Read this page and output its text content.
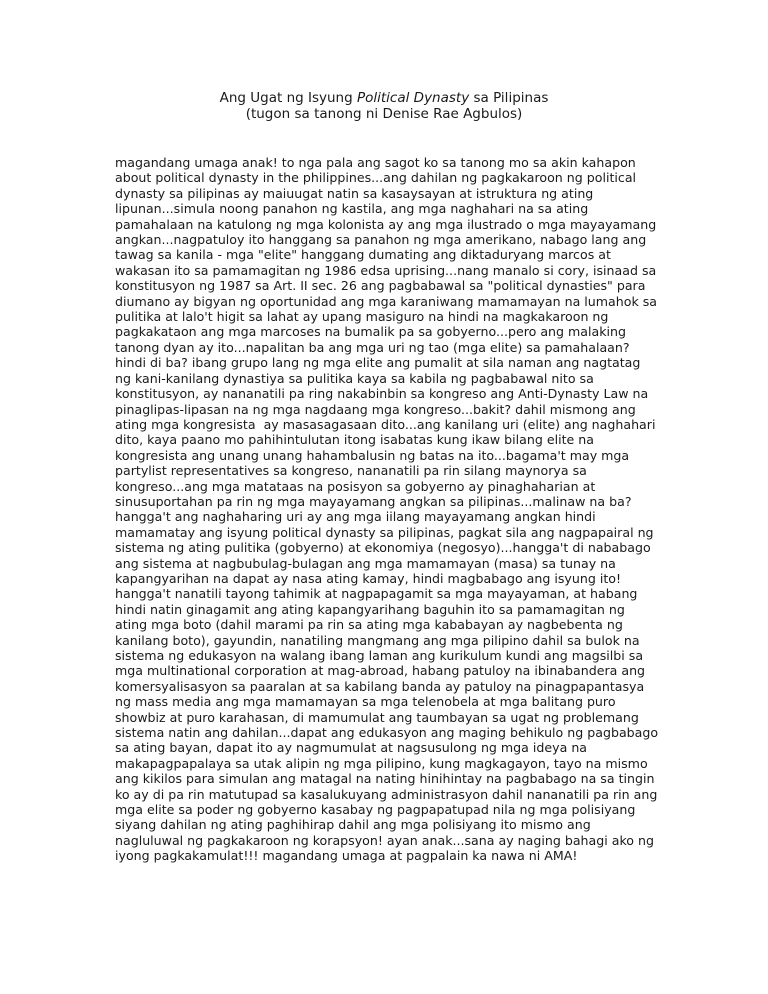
Ang Ugat ng Isyung Political Dynasty sa Pilipinas
(tugon sa tanong ni Denise Rae Agbulos)
magandang umaga anak! to nga pala ang sagot ko sa tanong mo sa akin kahapon
about political dynasty in the philippines...ang dahilan ng pagkakaroon ng political
dynasty sa pilipinas ay maiuugat natin sa kasaysayan at istruktura ng ating
lipunan...simula noong panahon ng kastila, ang mga naghahari na sa ating
pamahalaan na katulong ng mga kolonista ay ang mga ilustrado o mga mayayamang
angkan...nagpatuloy ito hanggang sa panahon ng mga amerikano, nabago lang ang
tawag sa kanila - mga "elite" hanggang dumating ang diktaduryang marcos at
wakasan ito sa pamamagitan ng 1986 edsa uprising...nang manalo si cory, isinaad sa
konstitusyon ng 1987 sa Art. II sec. 26 ang pagbabawal sa "political dynasties" para
diumano ay bigyan ng oportunidad ang mga karaniwang mamamayan na lumahok sa
pulitika at lalo't higit sa lahat ay upang masiguro na hindi na magkakaroon ng
pagkakataon ang mga marcoses na bumalik pa sa gobyerno...pero ang malaking
tanong dyan ay ito...napalitan ba ang mga uri ng tao (mga elite) sa pamahalaan?
hindi di ba? ibang grupo lang ng mga elite ang pumalit at sila naman ang nagtatag
ng kani-kanilang dynastiya sa pulitika kaya sa kabila ng pagbabawal nito sa
konstitusyon, ay nananatili pa ring nakabinbin sa kongreso ang Anti-Dynasty Law na
pinaglipas-lipasan na ng mga nagdaang mga kongreso...bakit? dahil mismong ang
ating mga kongresista  ay masasagasaan dito...ang kanilang uri (elite) ang naghahari
dito, kaya paano mo pahihintulutan itong isabatas kung ikaw bilang elite na
kongresista ang unang unang hahambalusin ng batas na ito...bagama't may mga
partylist representatives sa kongreso, nananatili pa rin silang maynorya sa
kongreso...ang mga matataas na posisyon sa gobyerno ay pinaghaharian at
sinusuportahan pa rin ng mga mayayamang angkan sa pilipinas...malinaw na ba?
hangga't ang naghaharing uri ay ang mga iilang mayayamang angkan hindi
mamamatay ang isyung political dynasty sa pilipinas, pagkat sila ang nagpapairal ng
sistema ng ating pulitika (gobyerno) at ekonomiya (negosyo)...hangga't di nababago
ang sistema at nagbubulag-bulagan ang mga mamamayan (masa) sa tunay na
kapangyarihan na dapat ay nasa ating kamay, hindi magbabago ang isyung ito!
hangga't nanatili tayong tahimik at nagpapagamit sa mga mayayaman, at habang
hindi natin ginagamit ang ating kapangyarihang baguhin ito sa pamamagitan ng
ating mga boto (dahil marami pa rin sa ating mga kababayan ay nagbebenta ng
kanilang boto), gayundin, nanatiling mangmang ang mga pilipino dahil sa bulok na
sistema ng edukasyon na walang ibang laman ang kurikulum kundi ang magsilbi sa
mga multinational corporation at mag-abroad, habang patuloy na ibinabandera ang
komersyalisasyon sa paaralan at sa kabilang banda ay patuloy na pinagpapantasya
ng mass media ang mga mamamayan sa mga telenobela at mga balitang puro
showbiz at puro karahasan, di mamumulat ang taumbayan sa ugat ng problemang
sistema natin ang dahilan...dapat ang edukasyon ang maging behikulo ng pagbabago
sa ating bayan, dapat ito ay nagmumulat at nagsusulong ng mga ideya na
makapagpapalaya sa utak alipin ng mga pilipino, kung magkagayon, tayo na mismo
ang kikilos para simulan ang matagal na nating hinihintay na pagbabago na sa tingin
ko ay di pa rin matutupad sa kasalukuyang administrasyon dahil nananatili pa rin ang
mga elite sa poder ng gobyerno kasabay ng pagpapatupad nila ng mga polisiyang
siyang dahilan ng ating paghihirap dahil ang mga polisiyang ito mismo ang
nagluluwal ng pagkakaroon ng korapsyon! ayan anak...sana ay naging bahagi ako ng
iyong pagkakamulat!!! magandang umaga at pagpalain ka nawa ni AMA!
